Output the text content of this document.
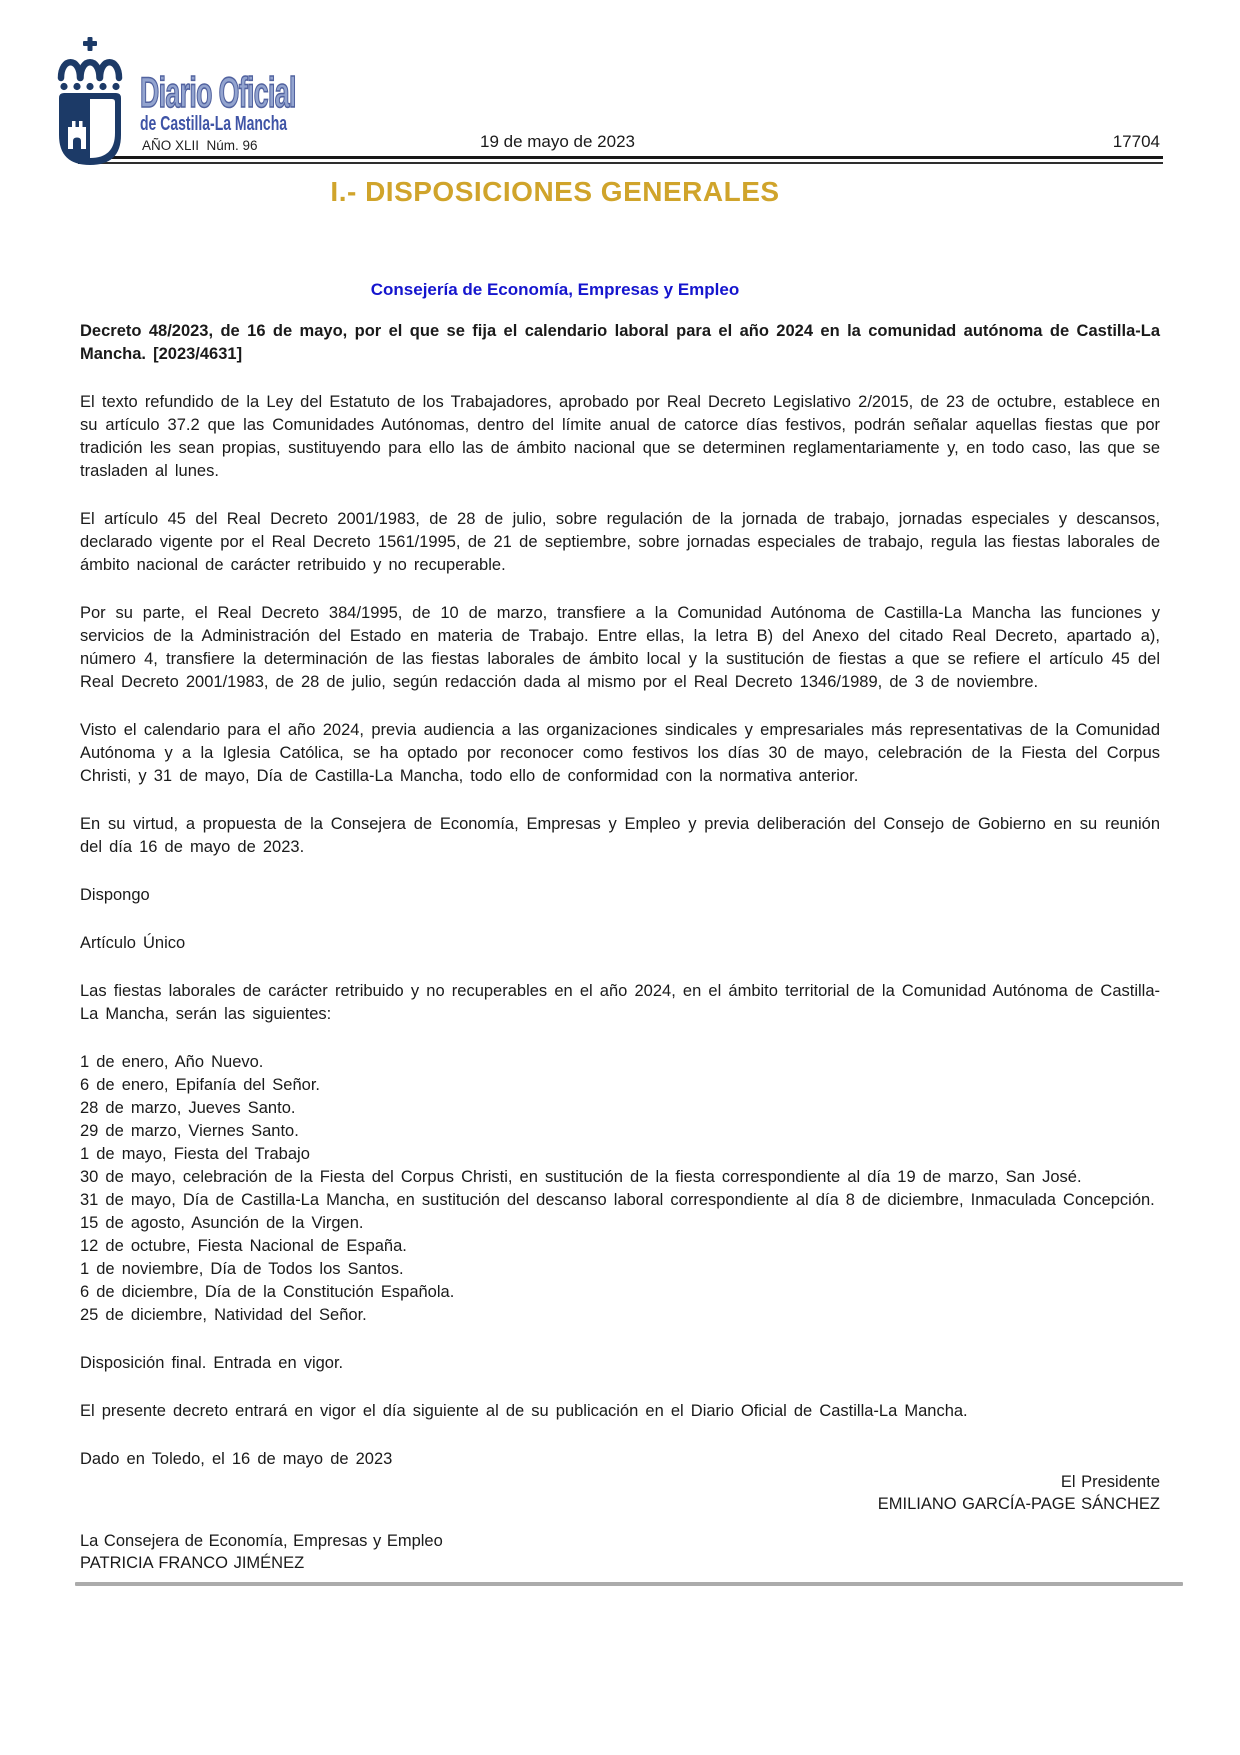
Diario Oficial
de Castilla-La Mancha
AÑO XLII  Núm. 96	19 de mayo de 2023	17704
I.- DISPOSICIONES GENERALES
Consejería de Economía, Empresas y Empleo

Decreto 48/2023, de 16 de mayo, por el que se fija el calendario laboral para el año 2024 en la comunidad autónoma de Castilla-La Mancha. [2023/4631]

El texto refundido de la Ley del Estatuto de los Trabajadores, aprobado por Real Decreto Legislativo 2/2015, de 23 de octubre, establece en su artículo 37.2 que las Comunidades Autónomas, dentro del límite anual de catorce días festivos, podrán señalar aquellas fiestas que por tradición les sean propias, sustituyendo para ello las de ámbito nacional que se determinen reglamentariamente y, en todo caso, las que se trasladen al lunes.

El artículo 45 del Real Decreto 2001/1983, de 28 de julio, sobre regulación de la jornada de trabajo, jornadas especiales y descansos, declarado vigente por el Real Decreto 1561/1995, de 21 de septiembre, sobre jornadas especiales de trabajo, regula las fiestas laborales de ámbito nacional de carácter retribuido y no recuperable.

Por su parte, el Real Decreto 384/1995, de 10 de marzo, transfiere a la Comunidad Autónoma de Castilla-La Mancha las funciones y servicios de la Administración del Estado en materia de Trabajo. Entre ellas, la letra B) del Anexo del citado Real Decreto, apartado a), número 4, transfiere la determinación de las fiestas laborales de ámbito local y la sustitución de fiestas a que se refiere el artículo 45 del Real Decreto 2001/1983, de 28 de julio, según redacción dada al mismo por el Real Decreto 1346/1989, de 3 de noviembre.

Visto el calendario para el año 2024, previa audiencia a las organizaciones sindicales y empresariales más representativas de la Comunidad Autónoma y a la Iglesia Católica, se ha optado por reconocer como festivos los días 30 de mayo, celebración de la Fiesta del Corpus Christi, y 31 de mayo, Día de Castilla-La Mancha, todo ello de conformidad con la normativa anterior.

En su virtud, a propuesta de la Consejera de Economía, Empresas y Empleo y previa deliberación del Consejo de Gobierno en su reunión del día 16 de mayo de 2023.

Dispongo

Artículo Único

Las fiestas laborales de carácter retribuido y no recuperables en el año 2024, en el ámbito territorial de la Comunidad Autónoma de Castilla-La Mancha, serán las siguientes:

1 de enero, Año Nuevo.
6 de enero, Epifanía del Señor.
28 de marzo, Jueves Santo.
29 de marzo, Viernes Santo.
1 de mayo, Fiesta del Trabajo
30 de mayo, celebración de la Fiesta del Corpus Christi, en sustitución de la fiesta correspondiente al día 19 de marzo, San José.
31 de mayo, Día de Castilla-La Mancha, en sustitución del descanso laboral correspondiente al día 8 de diciembre, Inmaculada Concepción.
15 de agosto, Asunción de la Virgen.
12 de octubre, Fiesta Nacional de España.
1 de noviembre, Día de Todos los Santos.
6 de diciembre, Día de la Constitución Española.
25 de diciembre, Natividad del Señor.

Disposición final. Entrada en vigor.

El presente decreto entrará en vigor el día siguiente al de su publicación en el Diario Oficial de Castilla-La Mancha.

Dado en Toledo, el 16 de mayo de 2023

El Presidente
EMILIANO GARCÍA-PAGE SÁNCHEZ
La Consejera de Economía, Empresas y Empleo
PATRICIA FRANCO JIMÉNEZ
